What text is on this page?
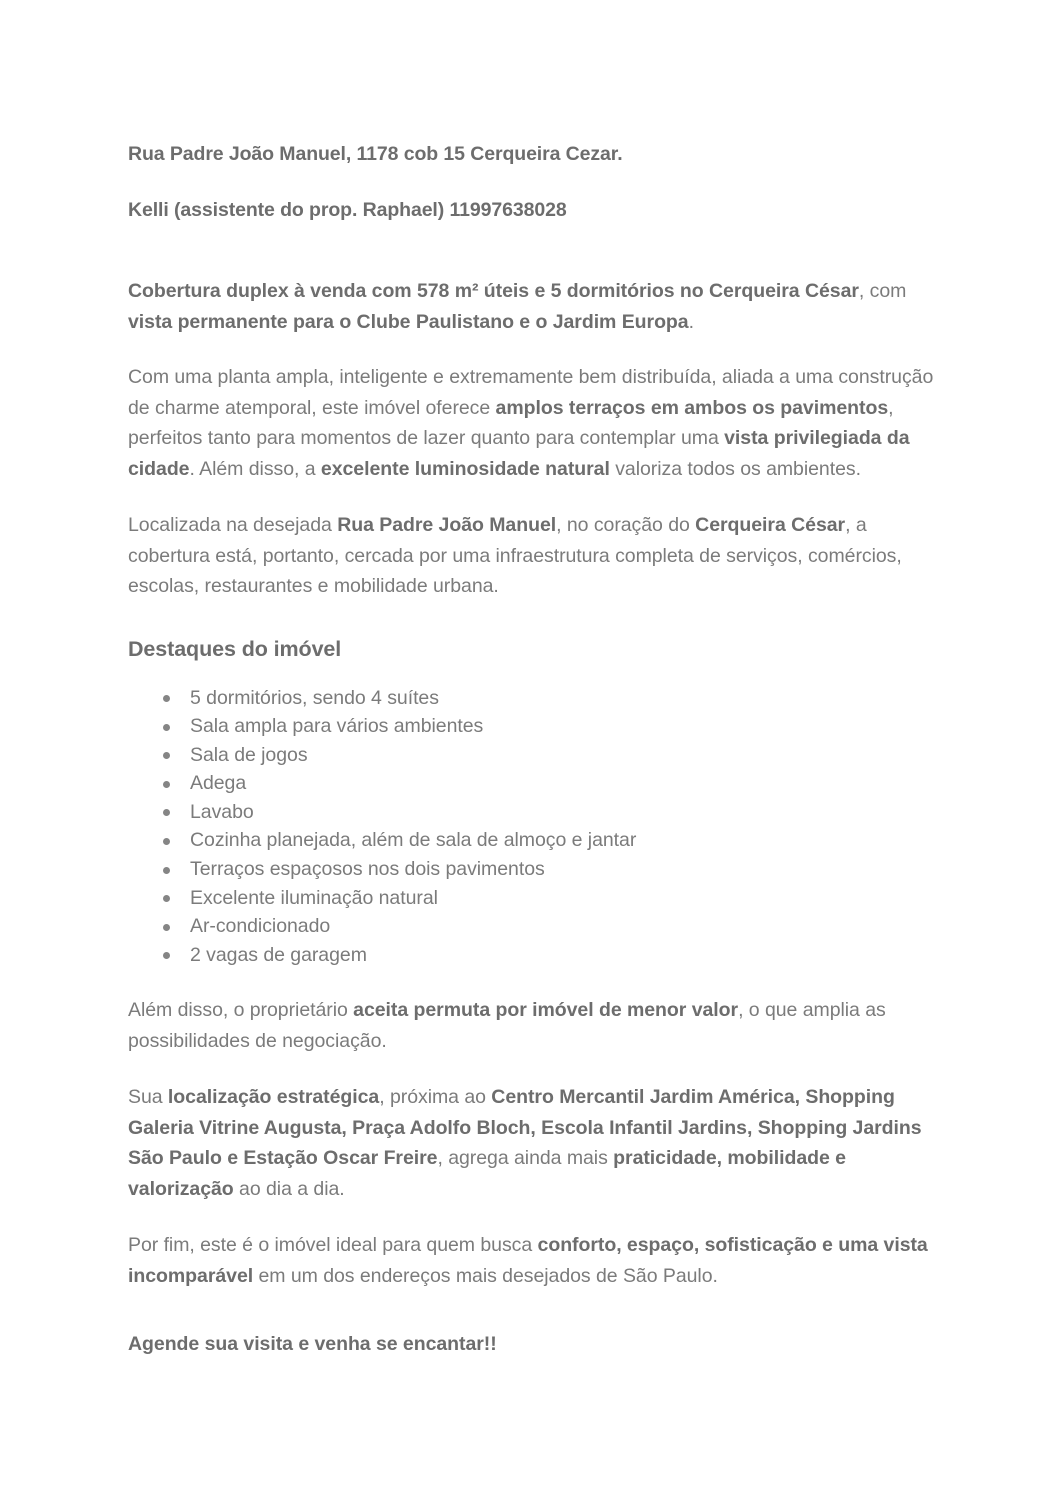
Rua Padre João Manuel, 1178 cob 15 Cerqueira Cezar.
Kelli (assistente do prop. Raphael) 11997638028

Cobertura duplex à venda com 578 m² úteis e 5 dormitórios no Cerqueira César, com vista permanente para o Clube Paulistano e o Jardim Europa.

Com uma planta ampla, inteligente e extremamente bem distribuída, aliada a uma construção de charme atemporal, este imóvel oferece amplos terraços em ambos os pavimentos, perfeitos tanto para momentos de lazer quanto para contemplar uma vista privilegiada da cidade. Além disso, a excelente luminosidade natural valoriza todos os ambientes.

Localizada na desejada Rua Padre João Manuel, no coração do Cerqueira César, a cobertura está, portanto, cercada por uma infraestrutura completa de serviços, comércios, escolas, restaurantes e mobilidade urbana.

Destaques do imóvel
5 dormitórios, sendo 4 suítes
Sala ampla para vários ambientes
Sala de jogos
Adega
Lavabo
Cozinha planejada, além de sala de almoço e jantar
Terraços espaçosos nos dois pavimentos
Excelente iluminação natural
Ar-condicionado
2 vagas de garagem

Além disso, o proprietário aceita permuta por imóvel de menor valor, o que amplia as possibilidades de negociação.

Sua localização estratégica, próxima ao Centro Mercantil Jardim América, Shopping Galeria Vitrine Augusta, Praça Adolfo Bloch, Escola Infantil Jardins, Shopping Jardins São Paulo e Estação Oscar Freire, agrega ainda mais praticidade, mobilidade e valorização ao dia a dia.

Por fim, este é o imóvel ideal para quem busca conforto, espaço, sofisticação e uma vista incomparável em um dos endereços mais desejados de São Paulo.

Agende sua visita e venha se encantar!!
